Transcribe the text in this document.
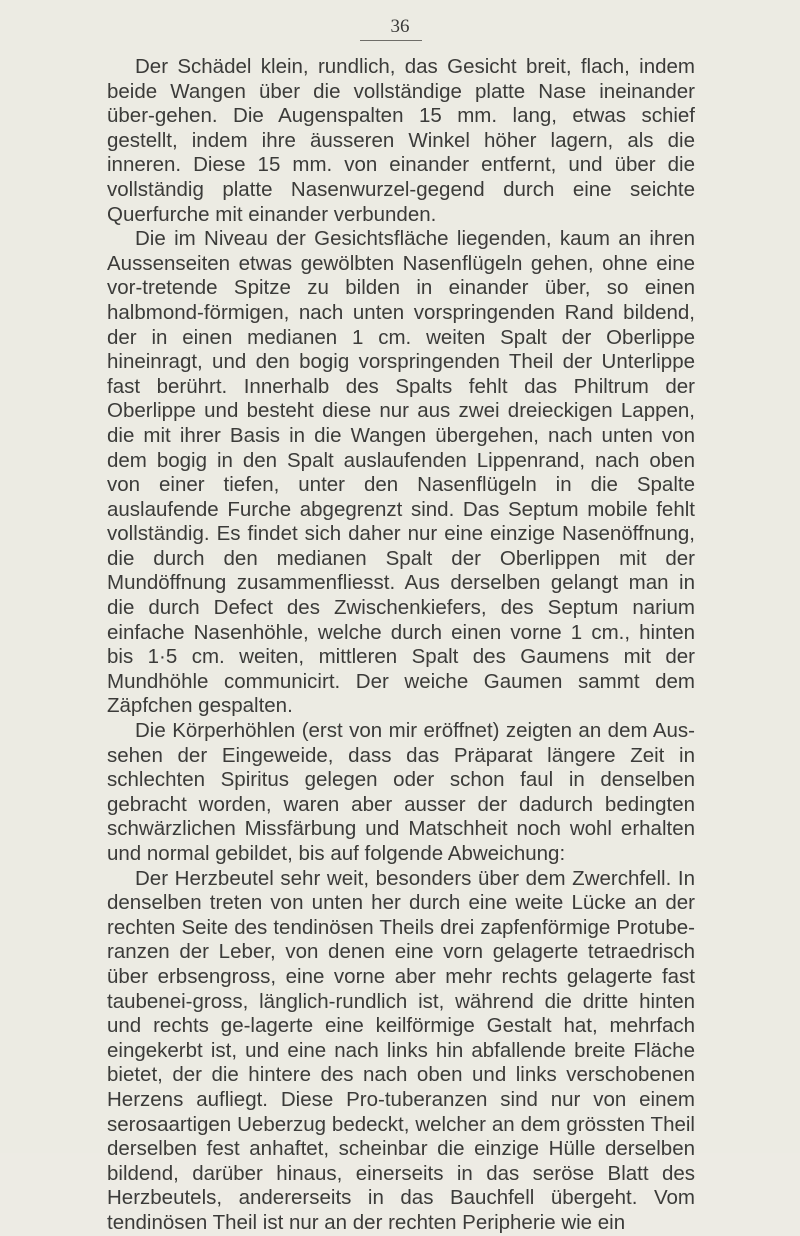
36

Der Schädel klein, rundlich, das Gesicht breit, flach, indem beide Wangen über die vollständige platte Nase ineinander über-gehen. Die Augenspalten 15 mm. lang, etwas schief gestellt, indem ihre äusseren Winkel höher lagern, als die inneren. Diese 15 mm. von einander entfernt, und über die vollständig platte Nasenwurzel-gegend durch eine seichte Querfurche mit einander verbunden.

Die im Niveau der Gesichtsfläche liegenden, kaum an ihren Aussenseiten etwas gewölbten Nasenflügeln gehen, ohne eine vor-tretende Spitze zu bilden in einander über, so einen halbmond-förmigen, nach unten vorspringenden Rand bildend, der in einen medianen 1 cm. weiten Spalt der Oberlippe hineinragt, und den bogig vorspringenden Theil der Unterlippe fast berührt. Innerhalb des Spalts fehlt das Philtrum der Oberlippe und besteht diese nur aus zwei dreieckigen Lappen, die mit ihrer Basis in die Wangen übergehen, nach unten von dem bogig in den Spalt auslaufenden Lippenrand, nach oben von einer tiefen, unter den Nasenflügeln in die Spalte auslaufende Furche abgegrenzt sind. Das Septum mobile fehlt vollständig. Es findet sich daher nur eine einzige Nasenöffnung, die durch den medianen Spalt der Oberlippen mit der Mundöffnung zusammenfliesst. Aus derselben gelangt man in die durch Defect des Zwischenkiefers, des Septum narium einfache Nasenhöhle, welche durch einen vorne 1 cm., hinten bis 1·5 cm. weiten, mittleren Spalt des Gaumens mit der Mundhöhle communicirt. Der weiche Gaumen sammt dem Zäpfchen gespalten.

Die Körperhöhlen (erst von mir eröffnet) zeigten an dem Aus-sehen der Eingeweide, dass das Präparat längere Zeit in schlechten Spiritus gelegen oder schon faul in denselben gebracht worden, waren aber ausser der dadurch bedingten schwärzlichen Missfärbung und Matschheit noch wohl erhalten und normal gebildet, bis auf folgende Abweichung:

Der Herzbeutel sehr weit, besonders über dem Zwerchfell. In denselben treten von unten her durch eine weite Lücke an der rechten Seite des tendinösen Theils drei zapfenförmige Protube-ranzen der Leber, von denen eine vorn gelagerte tetraedrisch über erbsengross, eine vorne aber mehr rechts gelagerte fast taubenei-gross, länglich-rundlich ist, während die dritte hinten und rechts ge-lagerte eine keilförmige Gestalt hat, mehrfach eingekerbt ist, und eine nach links hin abfallende breite Fläche bietet, der die hintere des nach oben und links verschobenen Herzens aufliegt. Diese Pro-tuberanzen sind nur von einem serosaartigen Ueberzug bedeckt, welcher an dem grössten Theil derselben fest anhaftet, scheinbar die einzige Hülle derselben bildend, darüber hinaus, einerseits in das seröse Blatt des Herzbeutels, andererseits in das Bauchfell übergeht. Vom tendinösen Theil ist nur an der rechten Peripherie wie ein
